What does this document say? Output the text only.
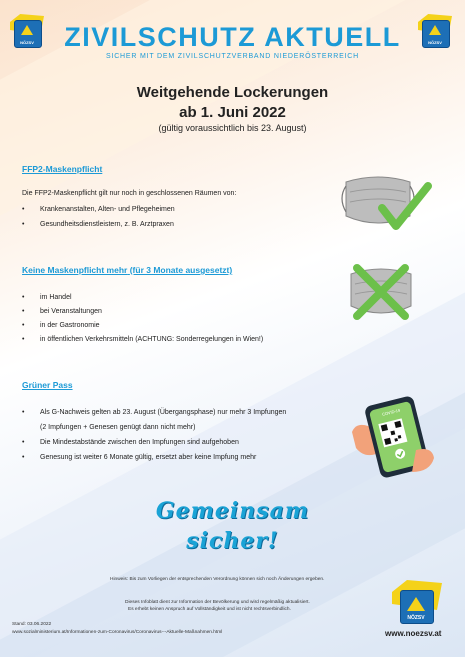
NÖZSV	NÖZSV
ZIVILSCHUTZ AKTUELL
SICHER MIT DEM ZIVILSCHUTZVERBAND NIEDERÖSTERREICH
Weitgehende Lockerungen
ab 1. Juni 2022
(gültig voraussichtlich bis 23. August)
FFP2-Maskenpflicht
Die FFP2-Maskenpflicht gilt nur noch in geschlossenen Räumen von:
• Krankenanstalten, Alten- und Pflegeheimen
• Gesundheitsdienstleistern, z. B. Arztpraxen
Keine Maskenpflicht mehr (für 3 Monate ausgesetzt)
• im Handel
• bei Veranstaltungen
• in der Gastronomie
• in öffentlichen Verkehrsmitteln (ACHTUNG: Sonderregelungen in Wien!)
Grüner Pass
• Als G-Nachweis gelten ab 23. August (Übergangsphase) nur mehr 3 Impfungen
(2 Impfungen + Genesen genügt dann nicht mehr)
• Die Mindestabstände zwischen den Impfungen sind aufgehoben
• Genesung ist weiter 6 Monate gültig, ersetzt aber keine Impfung mehr
COVID-19
Gemeinsam
sicher!
Hinweis: Bis zum Vorliegen der entsprechenden Verordnung können sich noch Änderungen ergeben.
Dieses Infoblatt dient zur Information der Bevölkerung und wird regelmäßig aktualisiert.
Es erhebt keinen Anspruch auf Vollständigkeit und ist nicht rechtsverbindlich.
Stand: 03.06.2022
www.sozialministerium.at/Informationen-zum-Coronavirus/Coronavirus---Aktuelle-Maßnahmen.html	www.noezsv.at
NÖZSV
